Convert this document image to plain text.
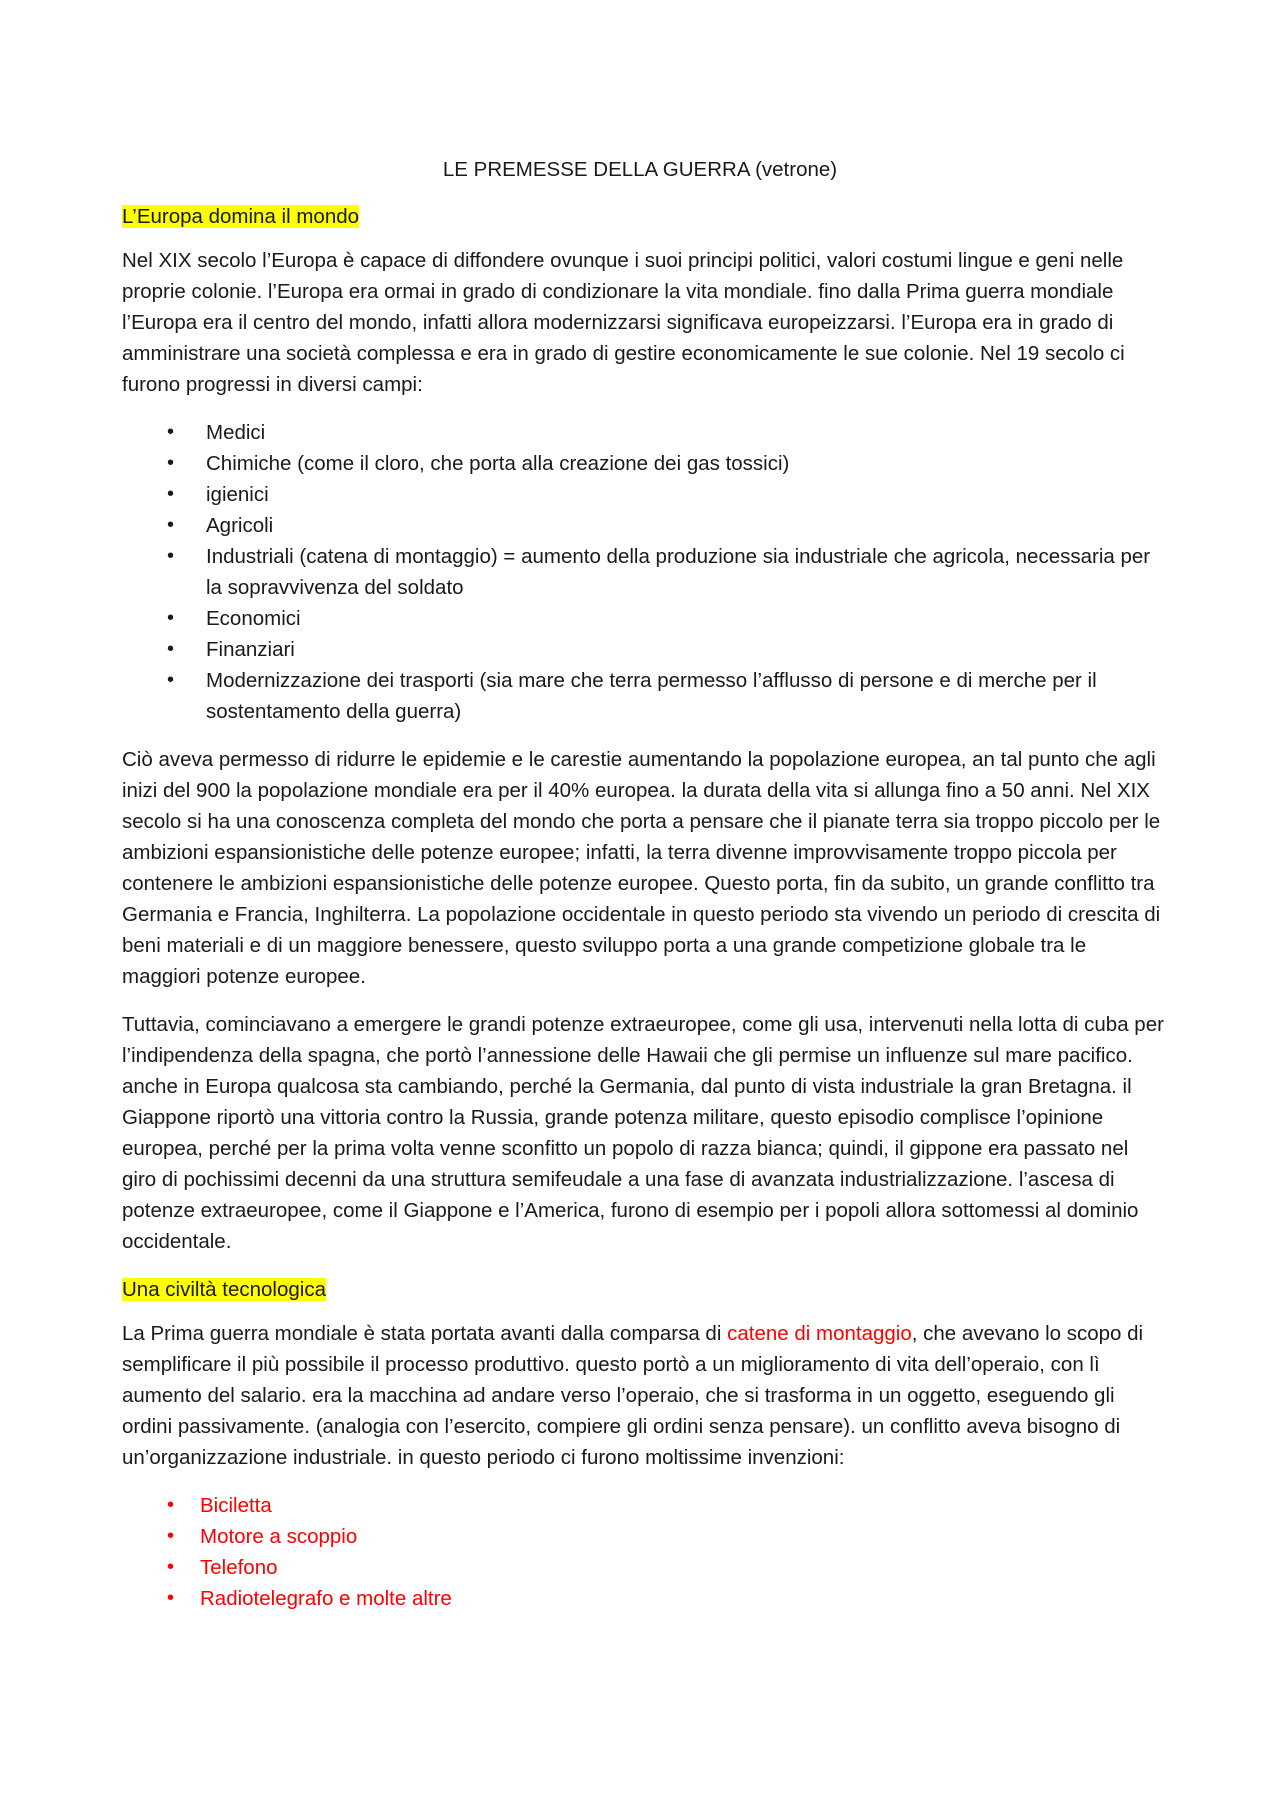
LE PREMESSE DELLA GUERRA (vetrone)
L’Europa domina il mondo

Nel XIX secolo l’Europa è capace di diffondere ovunque i suoi principi politici, valori costumi lingue e geni nelle proprie colonie. l’Europa era ormai in grado di condizionare la vita mondiale. fino dalla Prima guerra mondiale l’Europa era il centro del mondo, infatti allora modernizzarsi significava europeizzarsi. l’Europa era in grado di amministrare una società complessa e era in grado di gestire economicamente le sue colonie. Nel 19 secolo ci furono progressi in diversi campi:

• Medici
• Chimiche (come il cloro, che porta alla creazione dei gas tossici)
• igienici
• Agricoli
• Industriali (catena di montaggio) = aumento della produzione sia industriale che agricola, necessaria per la sopravvivenza del soldato
• Economici
• Finanziari
• Modernizzazione dei trasporti (sia mare che terra permesso l’afflusso di persone e di merche per il sostentamento della guerra)

Ciò aveva permesso di ridurre le epidemie e le carestie aumentando la popolazione europea, an tal punto che agli inizi del 900 la popolazione mondiale era per il 40% europea. la durata della vita si allunga fino a 50 anni. Nel XIX secolo si ha una conoscenza completa del mondo che porta a pensare che il pianate terra sia troppo piccolo per le ambizioni espansionistiche delle potenze europee; infatti, la terra divenne improvvisamente troppo piccola per contenere le ambizioni espansionistiche delle potenze europee. Questo porta, fin da subito, un grande conflitto tra Germania e Francia, Inghilterra. La popolazione occidentale in questo periodo sta vivendo un periodo di crescita di beni materiali e di un maggiore benessere, questo sviluppo porta a una grande competizione globale tra le maggiori potenze europee.

Tuttavia, cominciavano a emergere le grandi potenze extraeuropee, come gli usa, intervenuti nella lotta di cuba per l’indipendenza della spagna, che portò l’annessione delle Hawaii che gli permise un influenze sul mare pacifico. anche in Europa qualcosa sta cambiando, perché la Germania, dal punto di vista industriale la gran Bretagna. il Giappone riportò una vittoria contro la Russia, grande potenza militare, questo episodio complisce l’opinione europea, perché per la prima volta venne sconfitto un popolo di razza bianca; quindi, il gippone era passato nel giro di pochissimi decenni da una struttura semifeudale a una fase di avanzata industrializzazione. l’ascesa di potenze extraeuropee, come il Giappone e l’America, furono di esempio per i popoli allora sottomessi al dominio occidentale.

Una civiltà tecnologica

La Prima guerra mondiale è stata portata avanti dalla comparsa di catene di montaggio, che avevano lo scopo di semplificare il più possibile il processo produttivo. questo portò a un miglioramento di vita dell’operaio, con lì aumento del salario. era la macchina ad andare verso l’operaio, che si trasforma in un oggetto, eseguendo gli ordini passivamente. (analogia con l’esercito, compiere gli ordini senza pensare). un conflitto aveva bisogno di un’organizzazione industriale. in questo periodo ci furono moltissime invenzioni:

• Bicilettа
• Motore a scoppio
• Telefono
• Radiotelegrafo e molte altre
